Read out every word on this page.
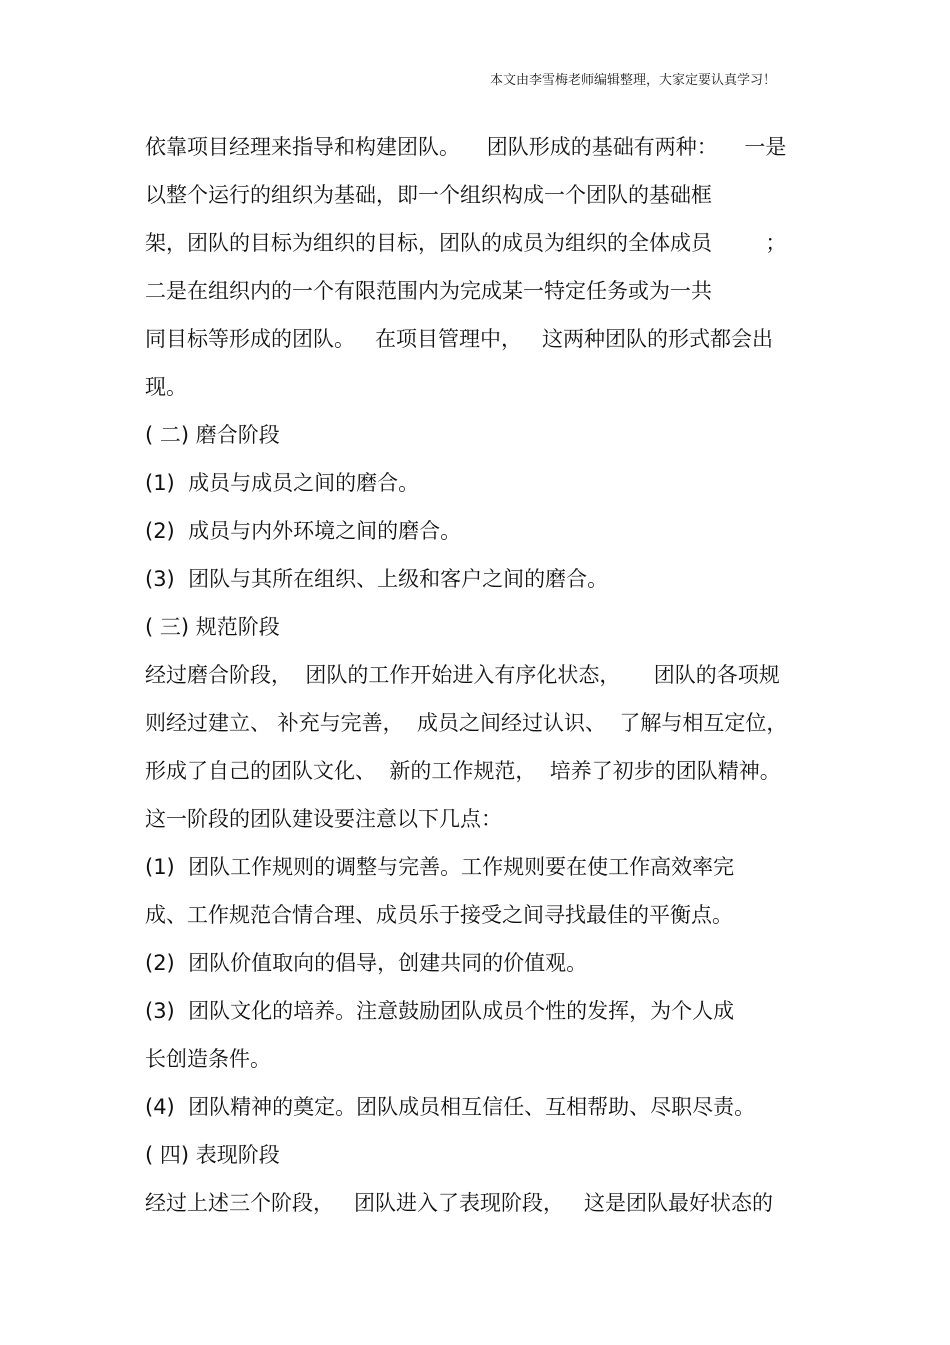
本文由李雪梅老师编辑整理，大家定要认真学习！
依靠项目经理来指导和构建团队。    团队形成的基础有两种：    一是
以整个运行的组织为基础，即一个组织构成一个团队的基础框
架，团队的目标为组织的目标，团队的成员为组织的全体成员        ；
二是在组织内的一个有限范围内为完成某一特定任务或为一共
同目标等形成的团队。   在项目管理中，   这两种团队的形式都会出
现。
( 二) 磨合阶段
(1)  成员与成员之间的磨合。
(2)  成员与内外环境之间的磨合。
(3)  团队与其所在组织、上级和客户之间的磨合。
( 三) 规范阶段
经过磨合阶段，  团队的工作开始进入有序化状态，     团队的各项规
则经过建立、 补充与完善，  成员之间经过认识、  了解与相互定位，
形成了自己的团队文化、  新的工作规范，  培养了初步的团队精神。
这一阶段的团队建设要注意以下几点：
(1)  团队工作规则的调整与完善。工作规则要在使工作高效率完
成、工作规范合情合理、成员乐于接受之间寻找最佳的平衡点。
(2)  团队价值取向的倡导，创建共同的价值观。
(3)  团队文化的培养。注意鼓励团队成员个性的发挥，为个人成
长创造条件。
(4)  团队精神的奠定。团队成员相互信任、互相帮助、尽职尽责。
( 四) 表现阶段
经过上述三个阶段，   团队进入了表现阶段，   这是团队最好状态的
